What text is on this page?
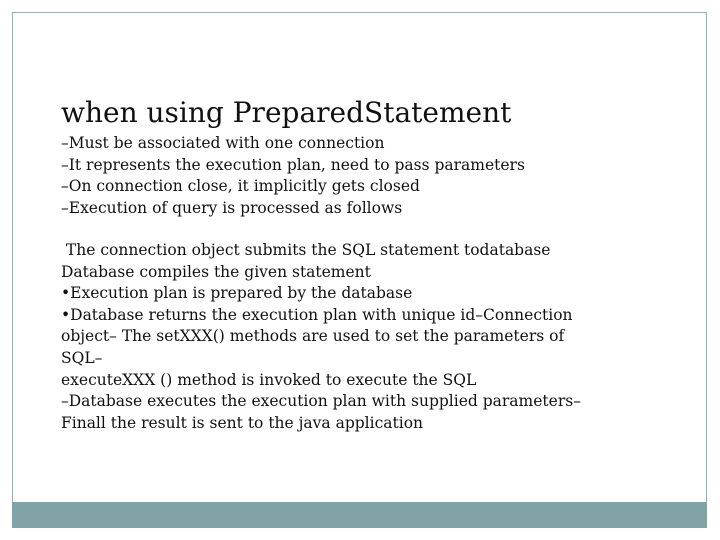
when using PreparedStatement
–Must be associated with one connection
–It represents the execution plan, need to pass parameters
–On connection close, it implicitly gets closed
–Execution of query is processed as follows
The connection object submits the SQL statement todatabase
Database compiles the given statement
•Execution plan is prepared by the database
•Database returns the execution plan with unique id–Connection
object– The setXXX() methods are used to set the parameters of
SQL–
executeXXX () method is invoked to execute the SQL
–Database executes the execution plan with supplied parameters–
Finall the result is sent to the java application
